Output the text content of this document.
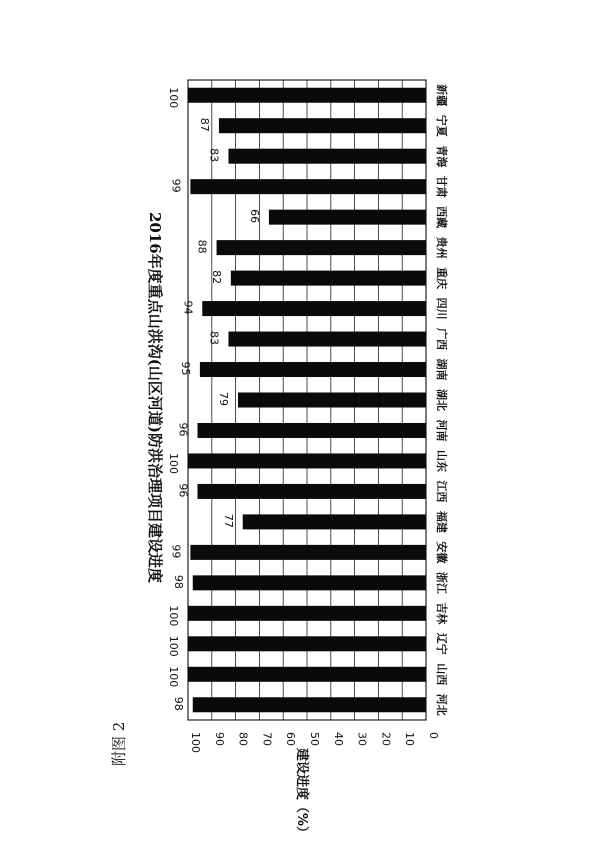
附图 2	0
10
20
30
40
50
60
70
80
90
100
建设进度（%）
2016年度重点山洪沟(山区河道)防洪治理项目建设进度
98	河北
100	山西
100	辽宁
100	吉林
98	浙江
99	安徽
77	福建
96	江西
100	山东
96	河南
79	湖北
95	湖南
83	广西
94	四川
82	重庆
88	贵州
66	西藏
99	甘肃
83	青海
87	宁夏
100	新疆
